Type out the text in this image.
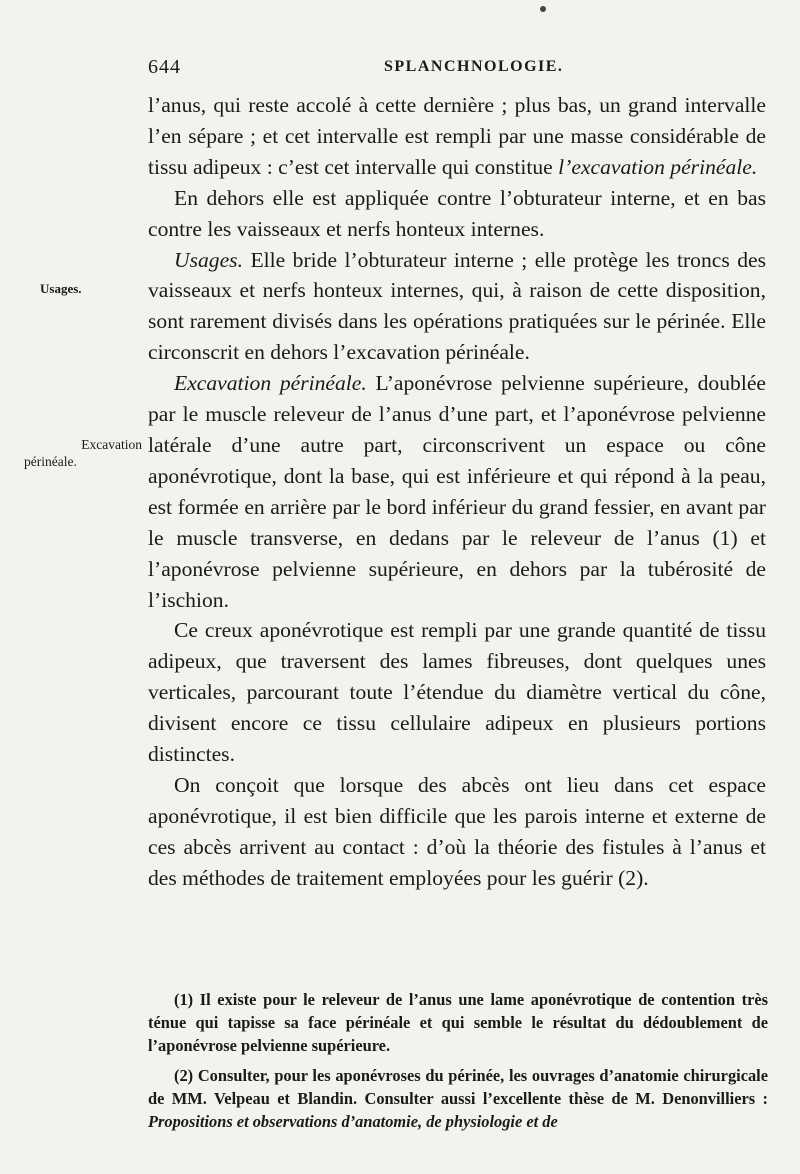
644	SPLANCHNOLOGIE.
Usages.
Excavation
périnéale.

l’anus, qui reste accolé à cette dernière ; plus bas, un grand intervalle l’en sépare ; et cet intervalle est rempli par une masse considérable de tissu adipeux : c’est cet intervalle qui constitue l’excavation périnéale.

En dehors elle est appliquée contre l’obturateur interne, et en bas contre les vaisseaux et nerfs honteux internes.

Usages. Elle bride l’obturateur interne ; elle protège les troncs des vaisseaux et nerfs honteux internes, qui, à raison de cette disposition, sont rarement divisés dans les opérations pratiquées sur le périnée. Elle circonscrit en dehors l’excavation périnéale.

Excavation périnéale. L’aponévrose pelvienne supérieure, doublée par le muscle releveur de l’anus d’une part, et l’aponévrose pelvienne latérale d’une autre part, circonscrivent un espace ou cône aponévrotique, dont la base, qui est inférieure et qui répond à la peau, est formée en arrière par le bord inférieur du grand fessier, en avant par le muscle transverse, en dedans par le releveur de l’anus (1) et l’aponévrose pelvienne supérieure, en dehors par la tubérosité de l’ischion.

Ce creux aponévrotique est rempli par une grande quantité de tissu adipeux, que traversent des lames fibreuses, dont quelques unes verticales, parcourant toute l’étendue du diamètre vertical du cône, divisent encore ce tissu cellulaire adipeux en plusieurs portions distinctes.

On conçoit que lorsque des abcès ont lieu dans cet espace aponévrotique, il est bien difficile que les parois interne et externe de ces abcès arrivent au contact : d’où la théorie des fistules à l’anus et des méthodes de traitement employées pour les guérir (2).

(1) Il existe pour le releveur de l’anus une lame aponévrotique de contention très ténue qui tapisse sa face périnéale et qui semble le résultat du dédoublement de l’aponévrose pelvienne supérieure.

(2) Consulter, pour les aponévroses du périnée, les ouvrages d’anatomie chirurgicale de MM. Velpeau et Blandin. Consulter aussi l’excellente thèse de M. Denonvilliers : Propositions et observations d’anatomie, de physiologie et de
